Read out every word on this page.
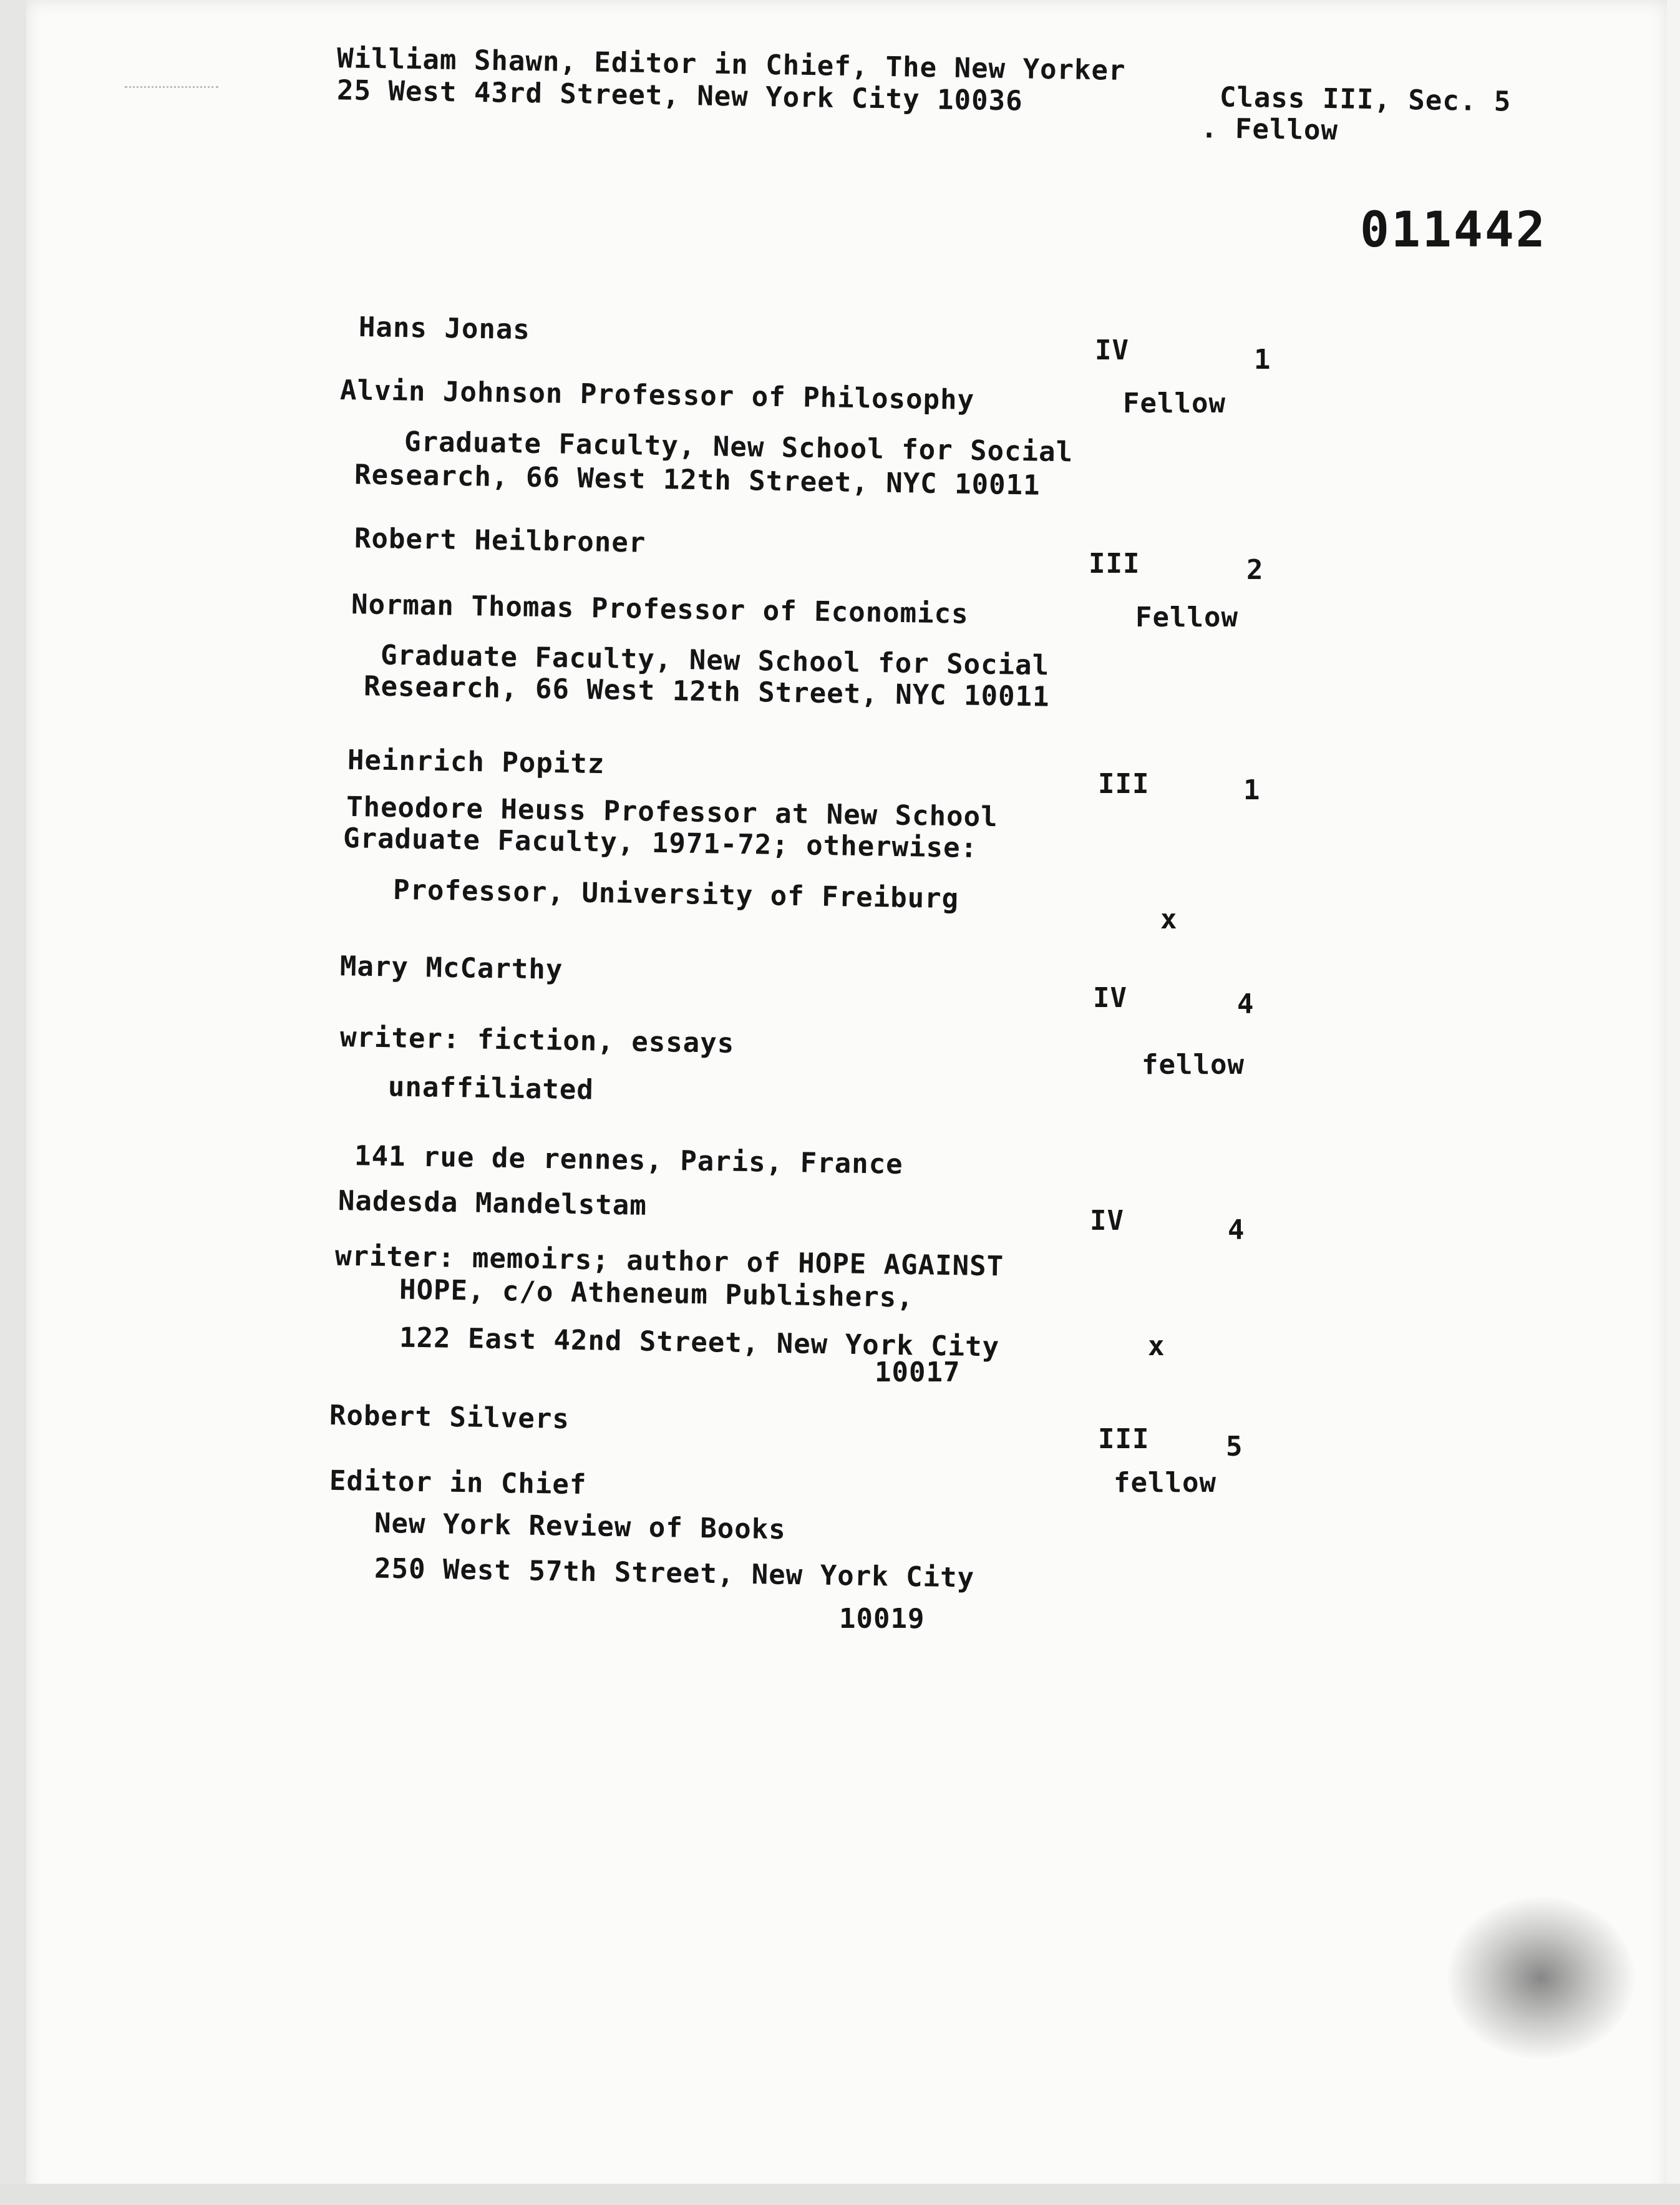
William Shawn, Editor in Chief, The New Yorker
25 West 43rd Street, New York City 10036	Class III, Sec. 5
. Fellow
011442
Hans Jonas
Alvin Johnson Professor of Philosophy
Graduate Faculty, New School for Social
Research, 66 West 12th Street, NYC 10011
IV	1
Fellow
Robert Heilbroner
Norman Thomas Professor of Economics
Graduate Faculty, New School for Social
Research, 66 West 12th Street, NYC 10011
III	2
Fellow
Heinrich Popitz
Theodore Heuss Professor at New School
Graduate Faculty, 1971-72; otherwise:
Professor, University of Freiburg
III	1
x
Mary McCarthy
writer: fiction, essays
unaffiliated
141 rue de rennes, Paris, France
IV	4
fellow
Nadesda Mandelstam
writer: memoirs; author of HOPE AGAINST
HOPE, c/o Atheneum Publishers,
122 East 42nd Street, New York City
10017
IV	4
x
Robert Silvers
Editor in Chief
New York Review of Books
250 West 57th Street, New York City
10019
III	5
fellow
